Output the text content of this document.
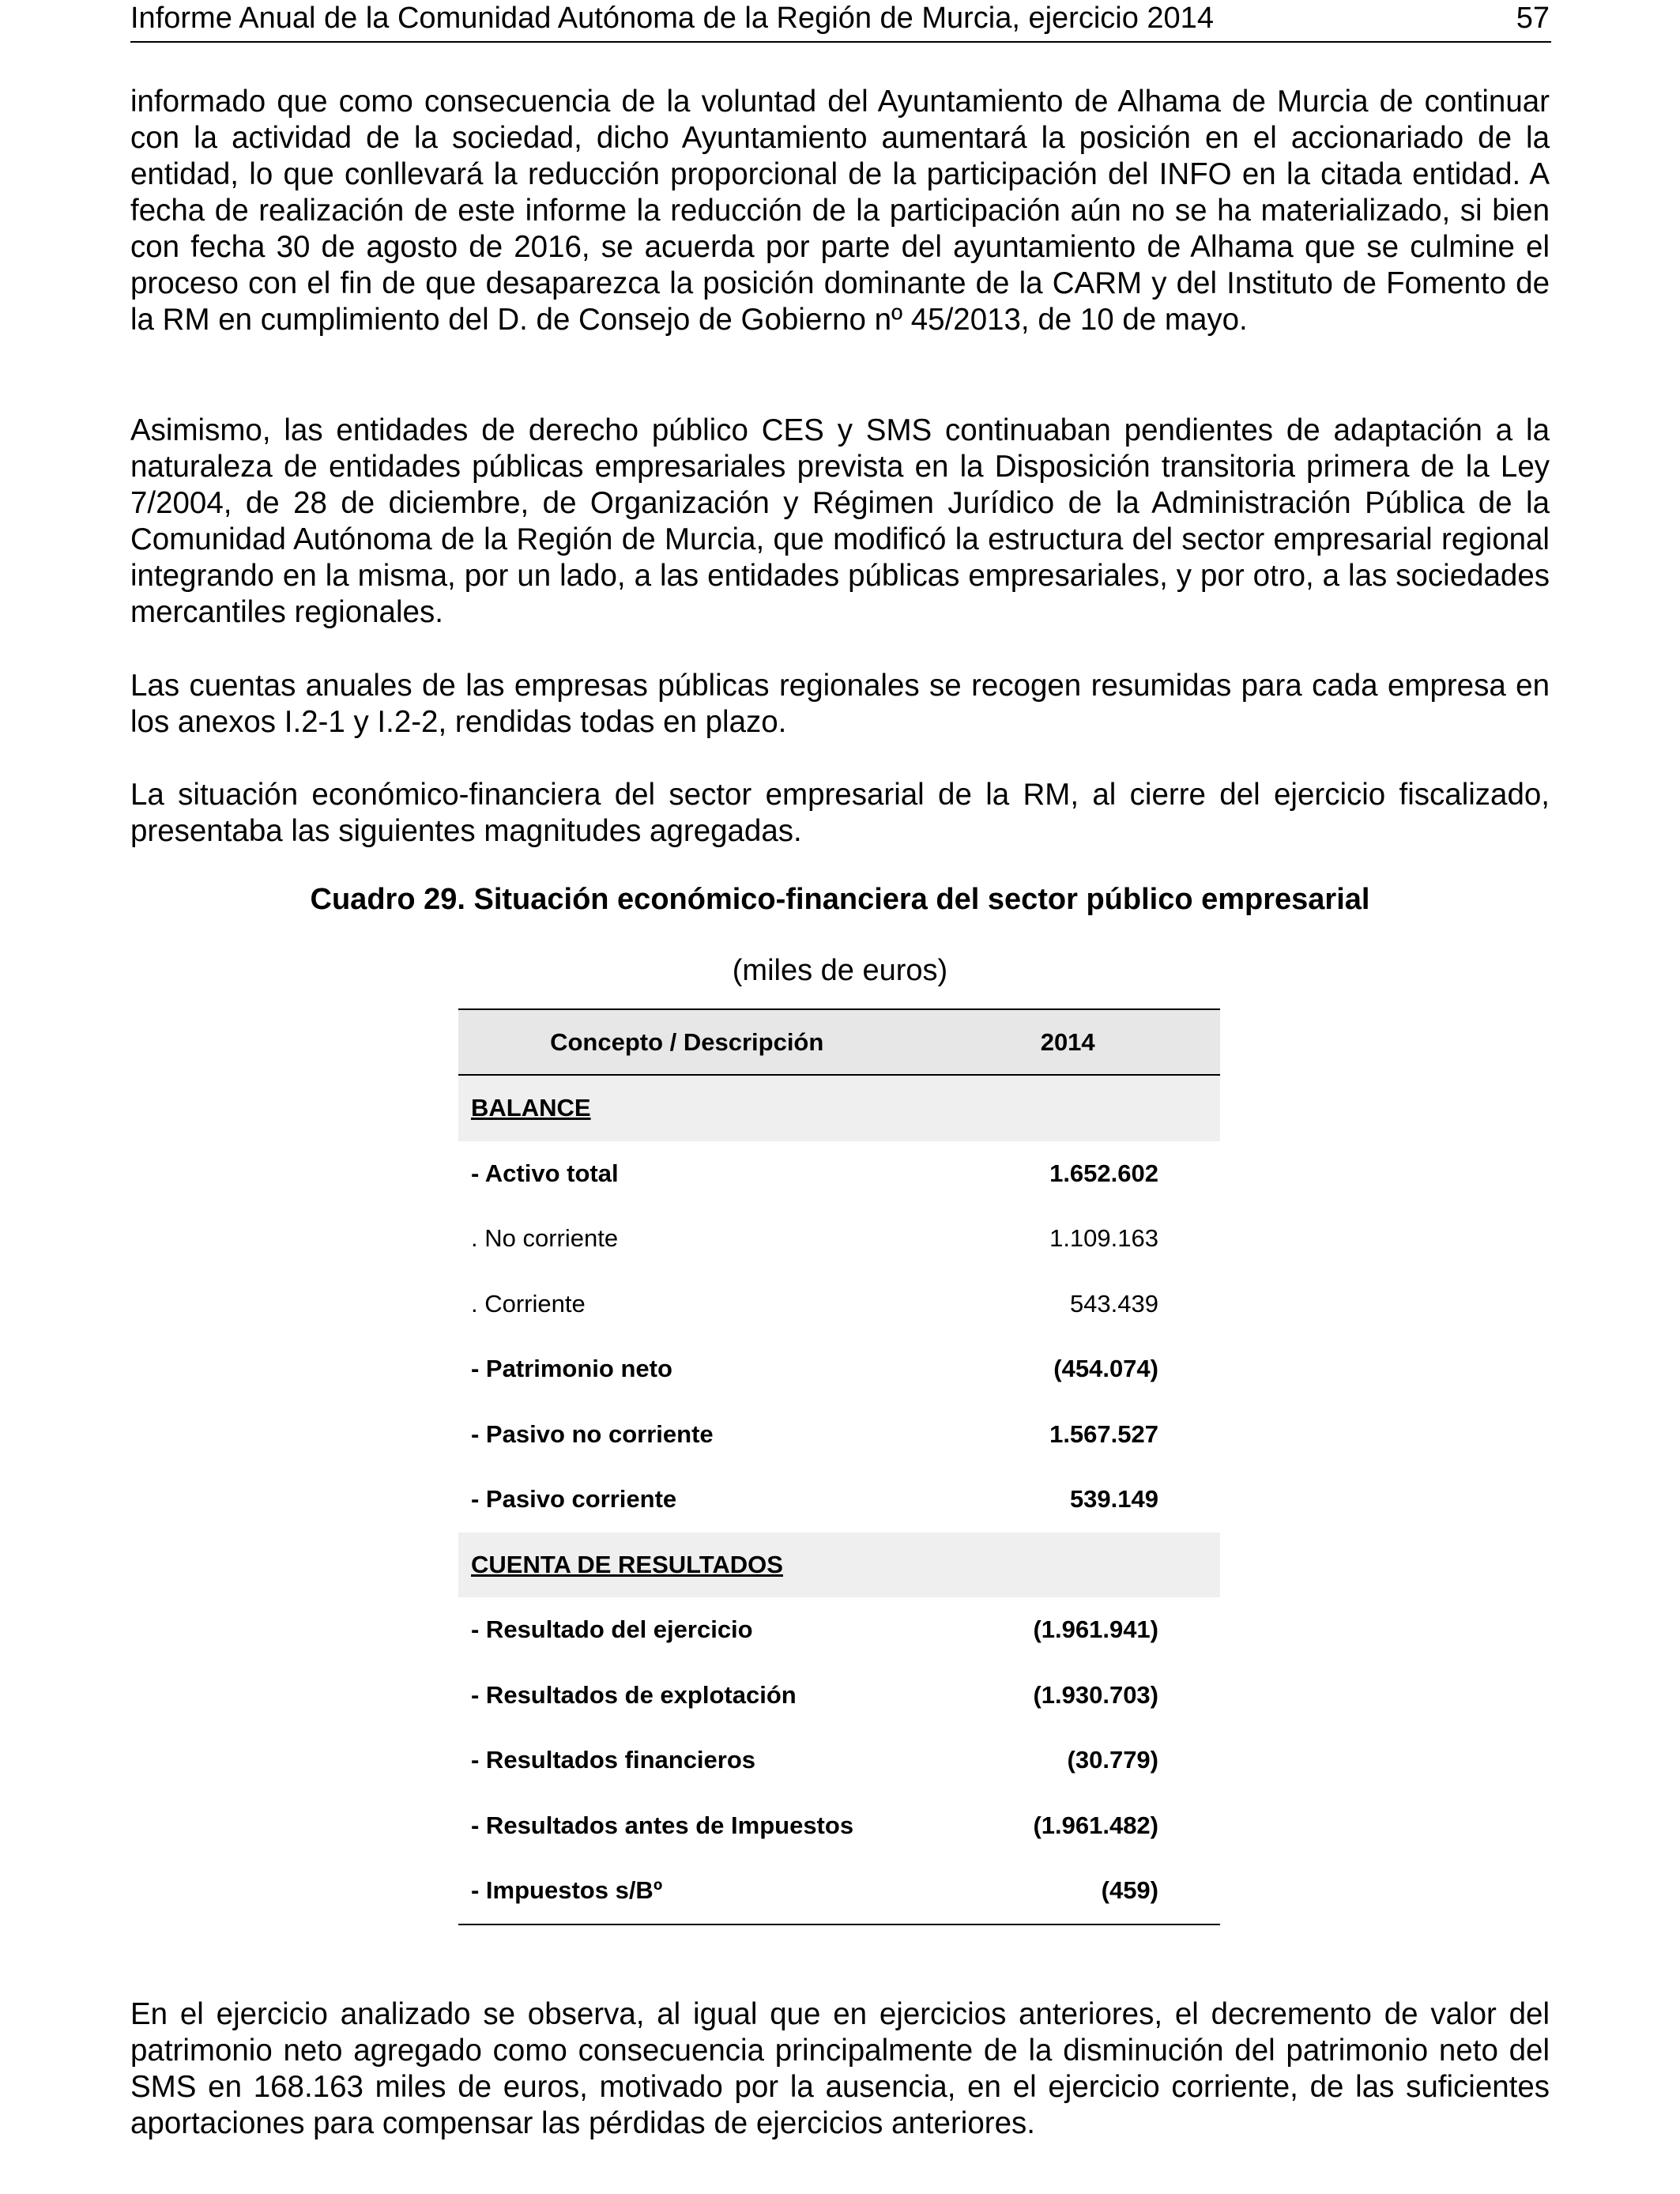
Informe Anual de la Comunidad Autónoma de la Región de Murcia, ejercicio 2014	57

informado que como consecuencia de la voluntad del Ayuntamiento de Alhama de Murcia de continuar con la actividad de la sociedad, dicho Ayuntamiento aumentará la posición en el accionariado de la entidad, lo que conllevará la reducción proporcional de la participación del INFO en la citada entidad. A fecha de realización de este informe la reducción de la participación aún no se ha materializado, si bien con fecha 30 de agosto de 2016, se acuerda por parte del ayuntamiento de Alhama que se culmine el proceso con el fin de que desaparezca la posición dominante de la CARM y del Instituto de Fomento de la RM en cumplimiento del D. de Consejo de Gobierno nº 45/2013, de 10 de mayo.

Asimismo, las entidades de derecho público CES y SMS continuaban pendientes de adaptación a la naturaleza de entidades públicas empresariales prevista en la Disposición transitoria primera de la Ley 7/2004, de 28 de diciembre, de Organización y Régimen Jurídico de la Administración Pública de la Comunidad Autónoma de la Región de Murcia, que modificó la estructura del sector empresarial regional integrando en la misma, por un lado, a las entidades públicas empresariales, y por otro, a las sociedades mercantiles regionales.

Las cuentas anuales de las empresas públicas regionales se recogen resumidas para cada empresa en los anexos I.2-1 y I.2-2, rendidas todas en plazo.

La situación económico-financiera del sector empresarial de la RM, al cierre del ejercicio fiscalizado, presentaba las siguientes magnitudes agregadas.

Cuadro 29. Situación económico-financiera del sector público empresarial
(miles de euros)
Concepto / Descripción	2014
BALANCE	
- Activo total	1.652.602
. No corriente	1.109.163
. Corriente	543.439
- Patrimonio neto	(454.074)
- Pasivo no corriente	1.567.527
- Pasivo corriente	539.149
CUENTA DE RESULTADOS	
- Resultado del ejercicio	(1.961.941)
- Resultados de explotación	(1.930.703)
- Resultados financieros	(30.779)
- Resultados antes de Impuestos	(1.961.482)
- Impuestos s/Bº	(459)

En el ejercicio analizado se observa, al igual que en ejercicios anteriores, el decremento de valor del patrimonio neto agregado como consecuencia principalmente de la disminución del patrimonio neto del SMS en 168.163 miles de euros, motivado por la ausencia, en el ejercicio corriente, de las suficientes aportaciones para compensar las pérdidas de ejercicios anteriores.
